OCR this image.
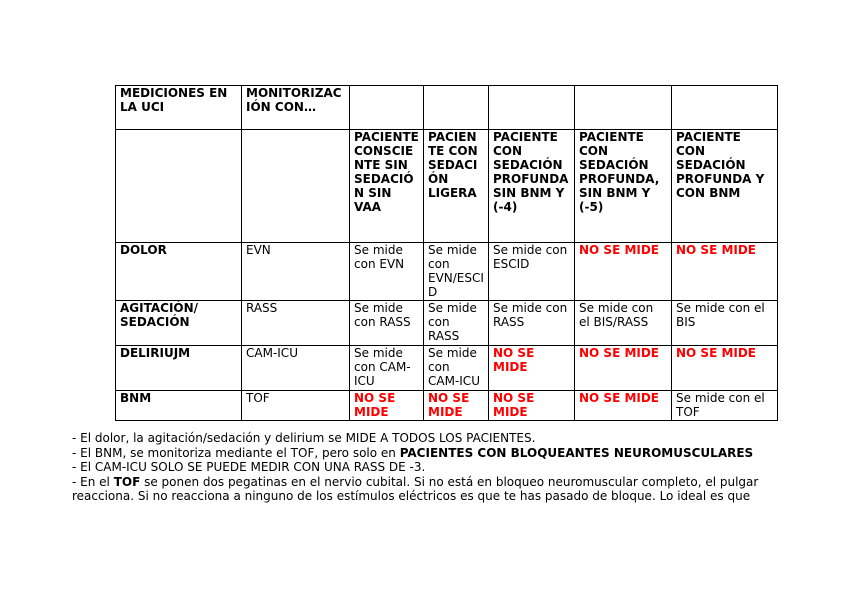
MEDICIONES EN LA UCI	MONITORIZACIÓN CON…					
		PACIENTE CONSCIENTE SIN SEDACIÓN SIN VAA	PACIENTE CON SEDACIÓN LIGERA	PACIENTE CON SEDACIÓN PROFUNDA SIN BNM Y (-4)	PACIENTE CON SEDACIÓN PROFUNDA, SIN BNM Y (-5)	PACIENTE CON SEDACIÓN PROFUNDA Y CON BNM
DOLOR	EVN	Se mide con EVN	Se mide con EVN/ESCID	Se mide con ESCID	NO SE MIDE	NO SE MIDE
AGITACIÓN/ SEDACIÓN	RASS	Se mide con RASS	Se mide con RASS	Se mide con RASS	Se mide con el BIS/RASS	Se mide con el BIS
DELIRIUJM	CAM-ICU	Se mide con CAM-ICU	Se mide con CAM-ICU	NO SE MIDE	NO SE MIDE	NO SE MIDE
BNM	TOF	NO SE MIDE	NO SE MIDE	NO SE MIDE	NO SE MIDE	Se mide con el TOF
- El dolor, la agitación/sedación y delirium se MIDE A TODOS LOS PACIENTES.
- El BNM, se monitoriza mediante el TOF, pero solo en PACIENTES CON BLOQUEANTES NEUROMUSCULARES
- El CAM-ICU SOLO SE PUEDE MEDIR CON UNA RASS DE -3.
- En el TOF se ponen dos pegatinas en el nervio cubital. Si no está en bloqueo neuromuscular completo, el pulgar
reacciona. Si no reacciona a ninguno de los estímulos eléctricos es que te has pasado de bloque. Lo ideal es que
